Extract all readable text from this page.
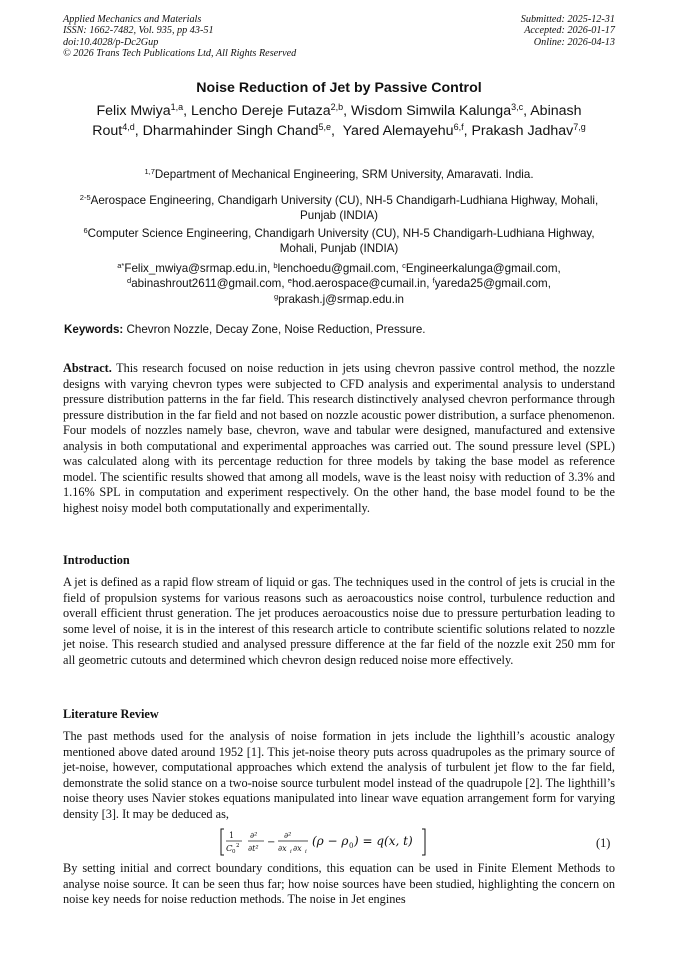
Applied Mechanics and Materials
ISSN: 1662-7482, Vol. 935, pp 43-51
doi:10.4028/p-Dc2Gup
© 2026 Trans Tech Publications Ltd, All Rights Reserved
Submitted: 2025-12-31
Accepted: 2026-01-17
Online: 2026-04-13
Noise Reduction of Jet by Passive Control
Felix Mwiya$^{1,a}$, Lencho Dereje Futaza$^{2,b}$, Wisdom Simwila Kalunga$^{3,c}$, Abinash Rout$^{4,d}$, Dharmahinder Singh Chand$^{5,e}$,  Yared Alemayehu$^{6,f}$, Prakash Jadhav$^{7,g}$
$^{1,7}$Department of Mechanical Engineering, SRM University, Amaravati. India.
$^{2-5}$Aerospace Engineering, Chandigarh University (CU), NH-5 Chandigarh-Ludhiana Highway, Mohali, Punjab (INDIA)
$^6$Computer Science Engineering, Chandigarh University (CU), NH-5 Chandigarh-Ludhiana Highway, Mohali, Punjab (INDIA)
$^{a*}$Felix_mwiya@srmap.edu.in, $^b$lenchoedu@gmail.com, $^c$Engineerkalunga@gmail.com, $^d$abinashrout2611@gmail.com, $^e$hod.aerospace@cumail.in, $^f$yareda25@gmail.com, $^g$prakash.j@srmap.edu.in
Keywords: Chevron Nozzle, Decay Zone, Noise Reduction, Pressure.

Abstract. This research focused on noise reduction in jets using chevron passive control method, the nozzle designs with varying chevron types were subjected to CFD analysis and experimental analysis to understand pressure distribution patterns in the far field. This research distinctively analysed chevron performance through pressure distribution in the far field and not based on nozzle acoustic power distribution, a surface phenomenon. Four models of nozzles namely base, chevron, wave and tabular were designed, manufactured and extensive analysis in both computational and experimental approaches was carried out. The sound pressure level (SPL) was calculated along with its percentage reduction for three models by taking the base model as reference model. The scientific results showed that among all models, wave is the least noisy with reduction of 3.3% and 1.16% SPL in computation and experiment respectively. On the other hand, the base model found to be the highest noisy model both computationally and experimentally.

Introduction

A jet is defined as a rapid flow stream of liquid or gas. The techniques used in the control of jets is crucial in the field of propulsion systems for various reasons such as aeroacoustics noise control, turbulence reduction and overall efficient thrust generation. The jet produces aeroacoustics noise due to pressure perturbation leading to some level of noise, it is in the interest of this research article to contribute scientific solutions related to nozzle jet noise. This research studied and analysed pressure difference at the far field of the nozzle exit 250 mm for all geometric cutouts and determined which chevron design reduced noise more effectively.

Literature Review

The past methods used for the analysis of noise formation in jets include the lighthill’s acoustic analogy mentioned above dated around 1952 [1]. This jet-noise theory puts across quadrupoles as the primary source of jet-noise, however, computational approaches which extend the analysis of turbulent jet flow to the far field, demonstrate the solid stance on a two-noise source turbulent model instead of the quadrupole [2]. The lighthill’s noise theory uses Navier stokes equations manipulated into linear wave equation arrangement form for varying density [3]. It may be deduced as,

1
C 0
2
∂²
∂t²
−
∂²
∂x i ∂x i
(ρ − ρ 0 ) = q(x, t)	(1)

By setting initial and correct boundary conditions, this equation can be used in Finite Element Methods to analyse noise source. It can be seen thus far; how noise sources have been studied, highlighting the concern on noise key needs for noise reduction methods. The noise in Jet engines
